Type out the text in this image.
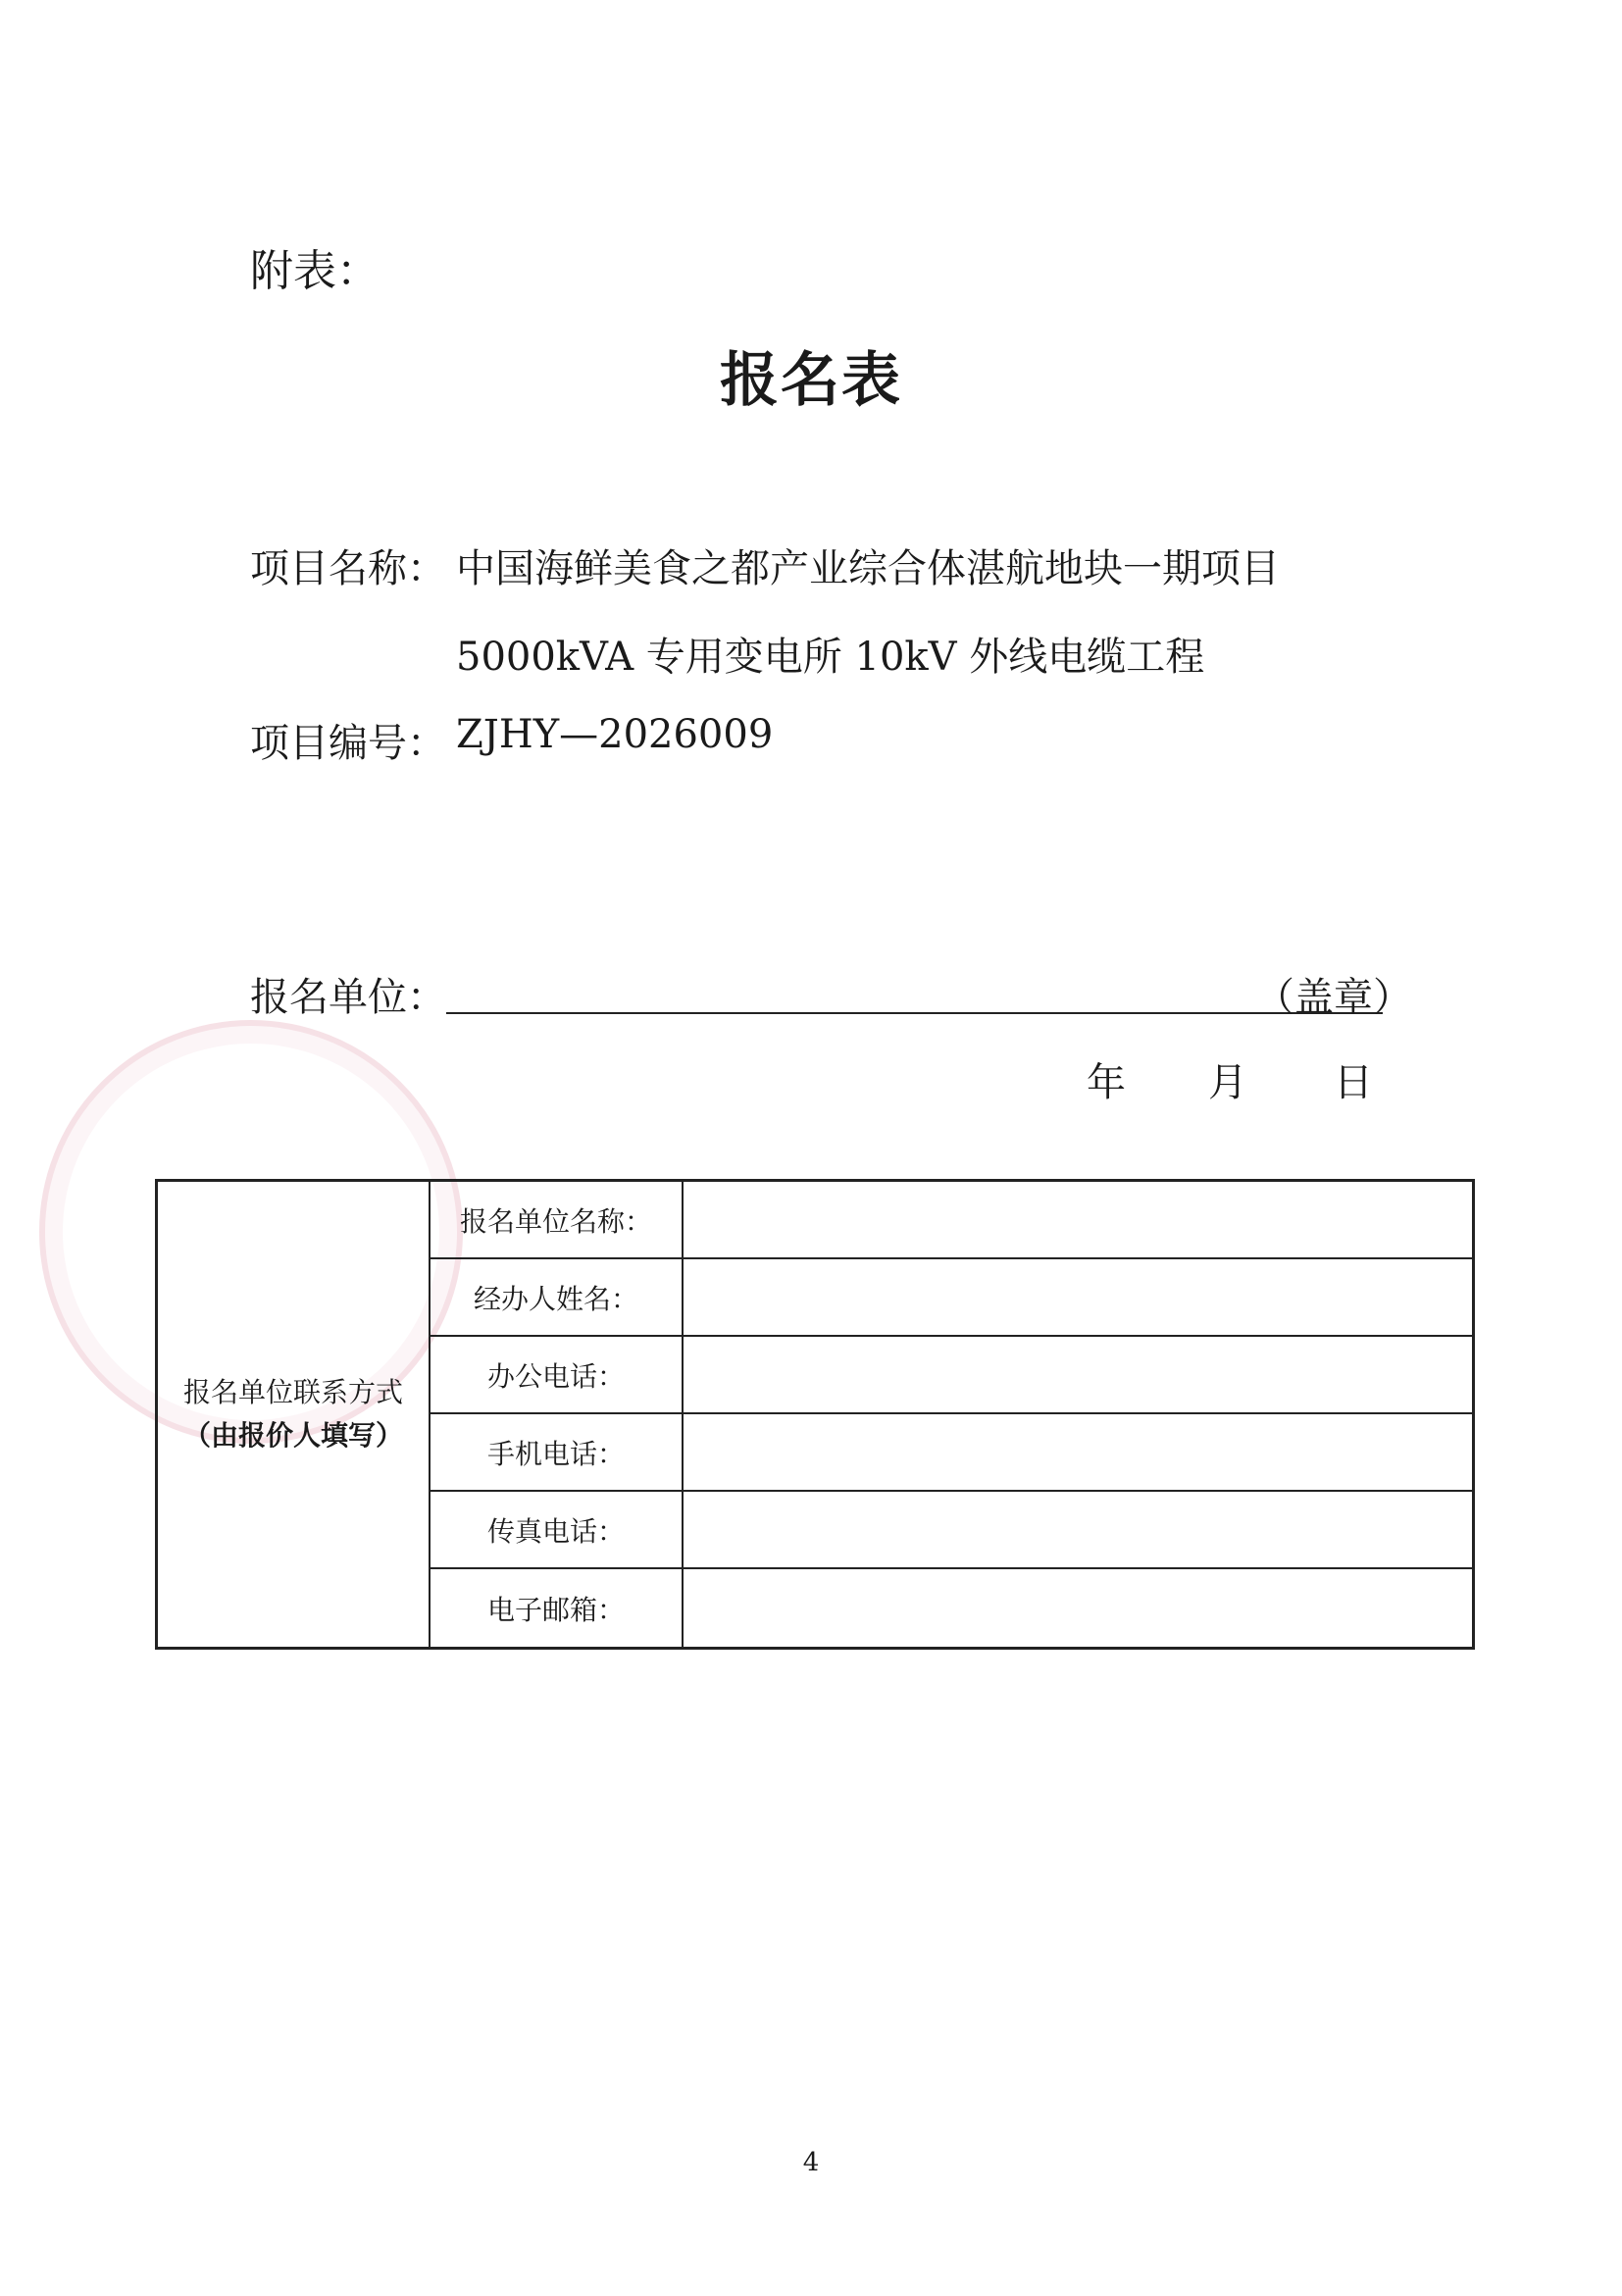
附表：
报名表
项目名称： 中国海鲜美食之都产业综合体湛航地块一期项目
5000kVA 专用变电所 10kV 外线电缆工程
项目编号： ZJHY—2026009
报名单位：	（盖章）
年 月 日
报名单位联系方式
（由报价人填写）
报名单位名称：
经办人姓名：
办公电话：
手机电话：
传真电话：
电子邮箱：
4
